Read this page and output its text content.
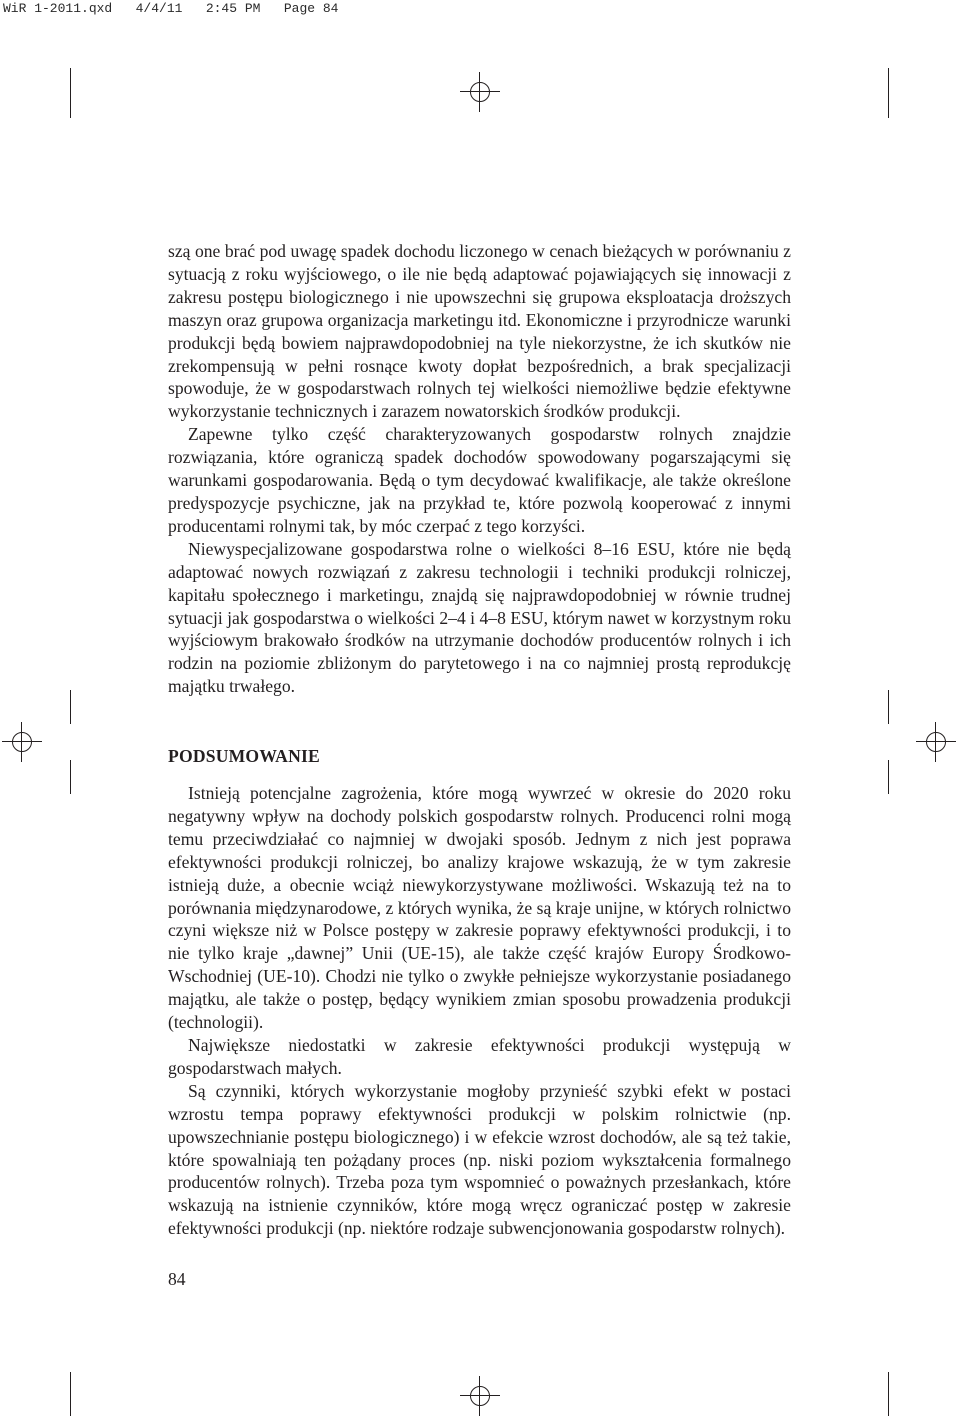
WiR 1-2011.qxd   4/4/11   2:45 PM   Page 84

szą one brać pod uwagę spadek dochodu liczonego w cenach bieżących w porównaniu z sytuacją z roku wyjściowego, o ile nie będą adaptować pojawiających się innowacji z zakresu postępu biologicznego i nie upowszechni się grupowa eksploatacja droższych maszyn oraz grupowa organizacja marketingu itd. Ekonomiczne i przyrodnicze warunki produkcji będą bowiem najprawdopodobniej na tyle niekorzystne, że ich skutków nie zrekompensują w pełni rosnące kwoty dopłat bezpośrednich, a brak specjalizacji spowoduje, że w gospodarstwach rolnych tej wielkości niemożliwe będzie efektywne wykorzystanie technicznych i zarazem nowatorskich środków produkcji.

Zapewne tylko część charakteryzowanych gospodarstw rolnych znajdzie rozwiązania, które ograniczą spadek dochodów spowodowany pogarszającymi się warunkami gospodarowania. Będą o tym decydować kwalifikacje, ale także określone predyspozycje psychiczne, jak na przykład te, które pozwolą kooperować z innymi producentami rolnymi tak, by móc czerpać z tego korzyści.

Niewyspecjalizowane gospodarstwa rolne o wielkości 8–16 ESU, które nie będą adaptować nowych rozwiązań z zakresu technologii i techniki produkcji rolniczej, kapitału społecznego i marketingu, znajdą się najprawdopodobniej w równie trudnej sytuacji jak gospodarstwa o wielkości 2–4 i 4–8 ESU, którym nawet w korzystnym roku wyjściowym brakowało środków na utrzymanie dochodów producentów rolnych i ich rodzin na poziomie zbliżonym do parytetowego i na co najmniej prostą reprodukcję majątku trwałego.

PODSUMOWANIE

Istnieją potencjalne zagrożenia, które mogą wywrzeć w okresie do 2020 roku negatywny wpływ na dochody polskich gospodarstw rolnych. Producenci rolni mogą temu przeciwdziałać co najmniej w dwojaki sposób. Jednym z nich jest poprawa efektywności produkcji rolniczej, bo analizy krajowe wskazują, że w tym zakresie istnieją duże, a obecnie wciąż niewykorzystywane możliwości. Wskazują też na to porównania międzynarodowe, z których wynika, że są kraje unijne, w których rolnictwo czyni większe niż w Polsce postępy w zakresie poprawy efektywności produkcji, i to nie tylko kraje „dawnej” Unii (UE-15), ale także część krajów Europy Środkowo-Wschodniej (UE-10). Chodzi nie tylko o zwykłe pełniejsze wykorzystanie posiadanego majątku, ale także o postęp, będący wynikiem zmian sposobu prowadzenia produkcji (technologii).

Największe niedostatki w zakresie efektywności produkcji występują w gospodarstwach małych.

Są czynniki, których wykorzystanie mogłoby przynieść szybki efekt w postaci wzrostu tempa poprawy efektywności produkcji w polskim rolnictwie (np. upowszechnianie postępu biologicznego) i w efekcie wzrost dochodów, ale są też takie, które spowalniają ten pożądany proces (np. niski poziom wykształcenia formalnego producentów rolnych). Trzeba poza tym wspomnieć o poważnych przesłankach, które wskazują na istnienie czynników, które mogą wręcz ograniczać postęp w zakresie efektywności produkcji (np. niektóre rodzaje subwencjonowania gospodarstw rolnych).

84
